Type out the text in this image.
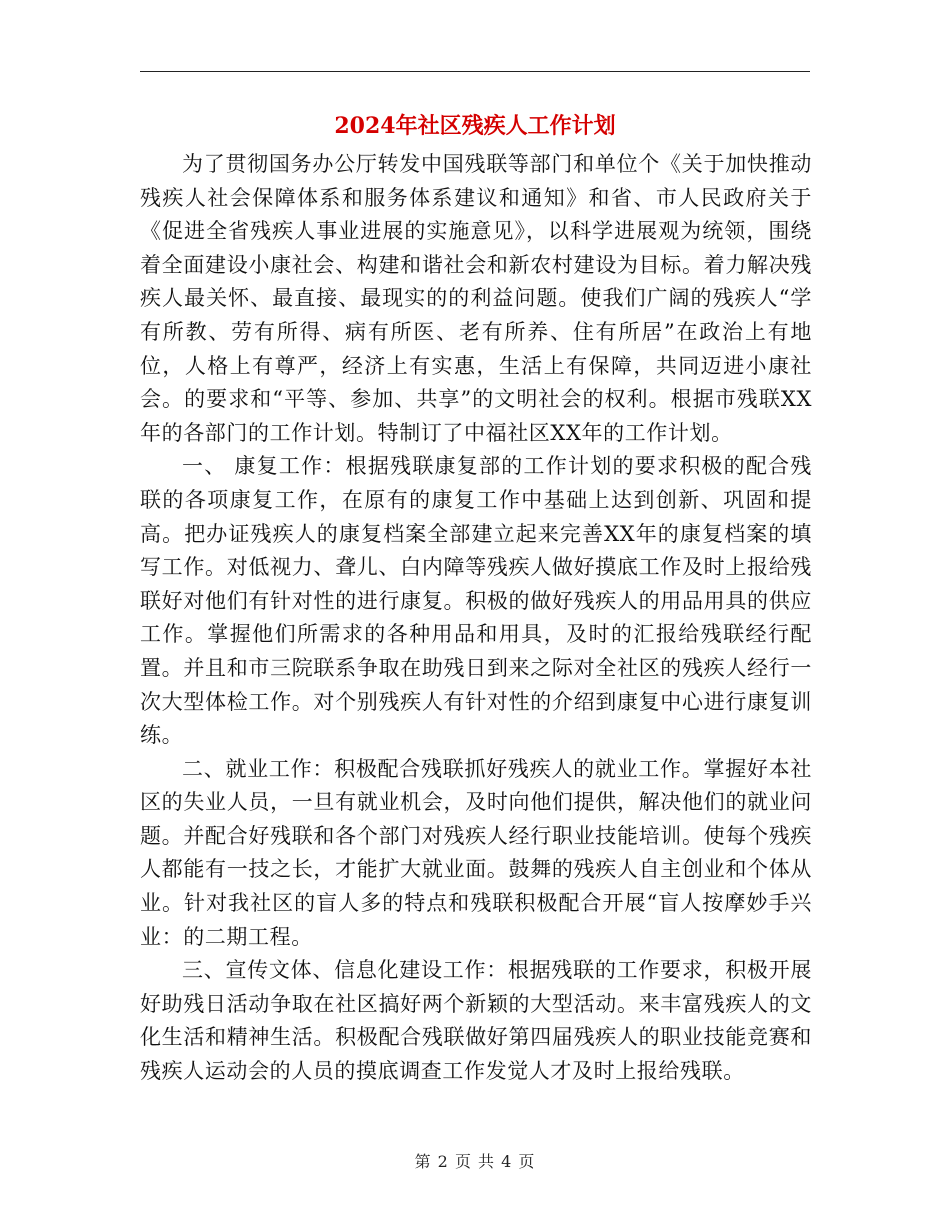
2024年社区残疾人工作计划

为了贯彻国务办公厅转发中国残联等部门和单位个《关于加快推动残疾人社会保障体系和服务体系建议和通知》和省、市人民政府关于《促进全省残疾人事业进展的实施意见》，以科学进展观为统领，围绕着全面建设小康社会、构建和谐社会和新农村建设为目标。着力解决残疾人最关怀、最直接、最现实的的利益问题。使我们广阔的残疾人“学有所教、劳有所得、病有所医、老有所养、住有所居”在政治上有地位，人格上有尊严，经济上有实惠，生活上有保障，共同迈进小康社会。的要求和“平等、参加、共享”的文明社会的权利。根据市残联XX年的各部门的工作计划。特制订了中福社区XX年的工作计划。

一、 康复工作：根据残联康复部的工作计划的要求积极的配合残联的各项康复工作，在原有的康复工作中基础上达到创新、巩固和提高。把办证残疾人的康复档案全部建立起来完善XX年的康复档案的填写工作。对低视力、聋儿、白内障等残疾人做好摸底工作及时上报给残联好对他们有针对性的进行康复。积极的做好残疾人的用品用具的供应工作。掌握他们所需求的各种用品和用具，及时的汇报给残联经行配置。并且和市三院联系争取在助残日到来之际对全社区的残疾人经行一次大型体检工作。对个别残疾人有针对性的介绍到康复中心进行康复训练。

二、就业工作：积极配合残联抓好残疾人的就业工作。掌握好本社区的失业人员，一旦有就业机会，及时向他们提供，解决他们的就业问题。并配合好残联和各个部门对残疾人经行职业技能培训。使每个残疾人都能有一技之长，才能扩大就业面。鼓舞的残疾人自主创业和个体从业。针对我社区的盲人多的特点和残联积极配合开展“盲人按摩妙手兴业：的二期工程。

三、宣传文体、信息化建设工作：根据残联的工作要求，积极开展好助残日活动争取在社区搞好两个新颖的大型活动。来丰富残疾人的文化生活和精神生活。积极配合残联做好第四届残疾人的职业技能竞赛和残疾人运动会的人员的摸底调查工作发觉人才及时上报给残联。

第 2 页 共 4 页
